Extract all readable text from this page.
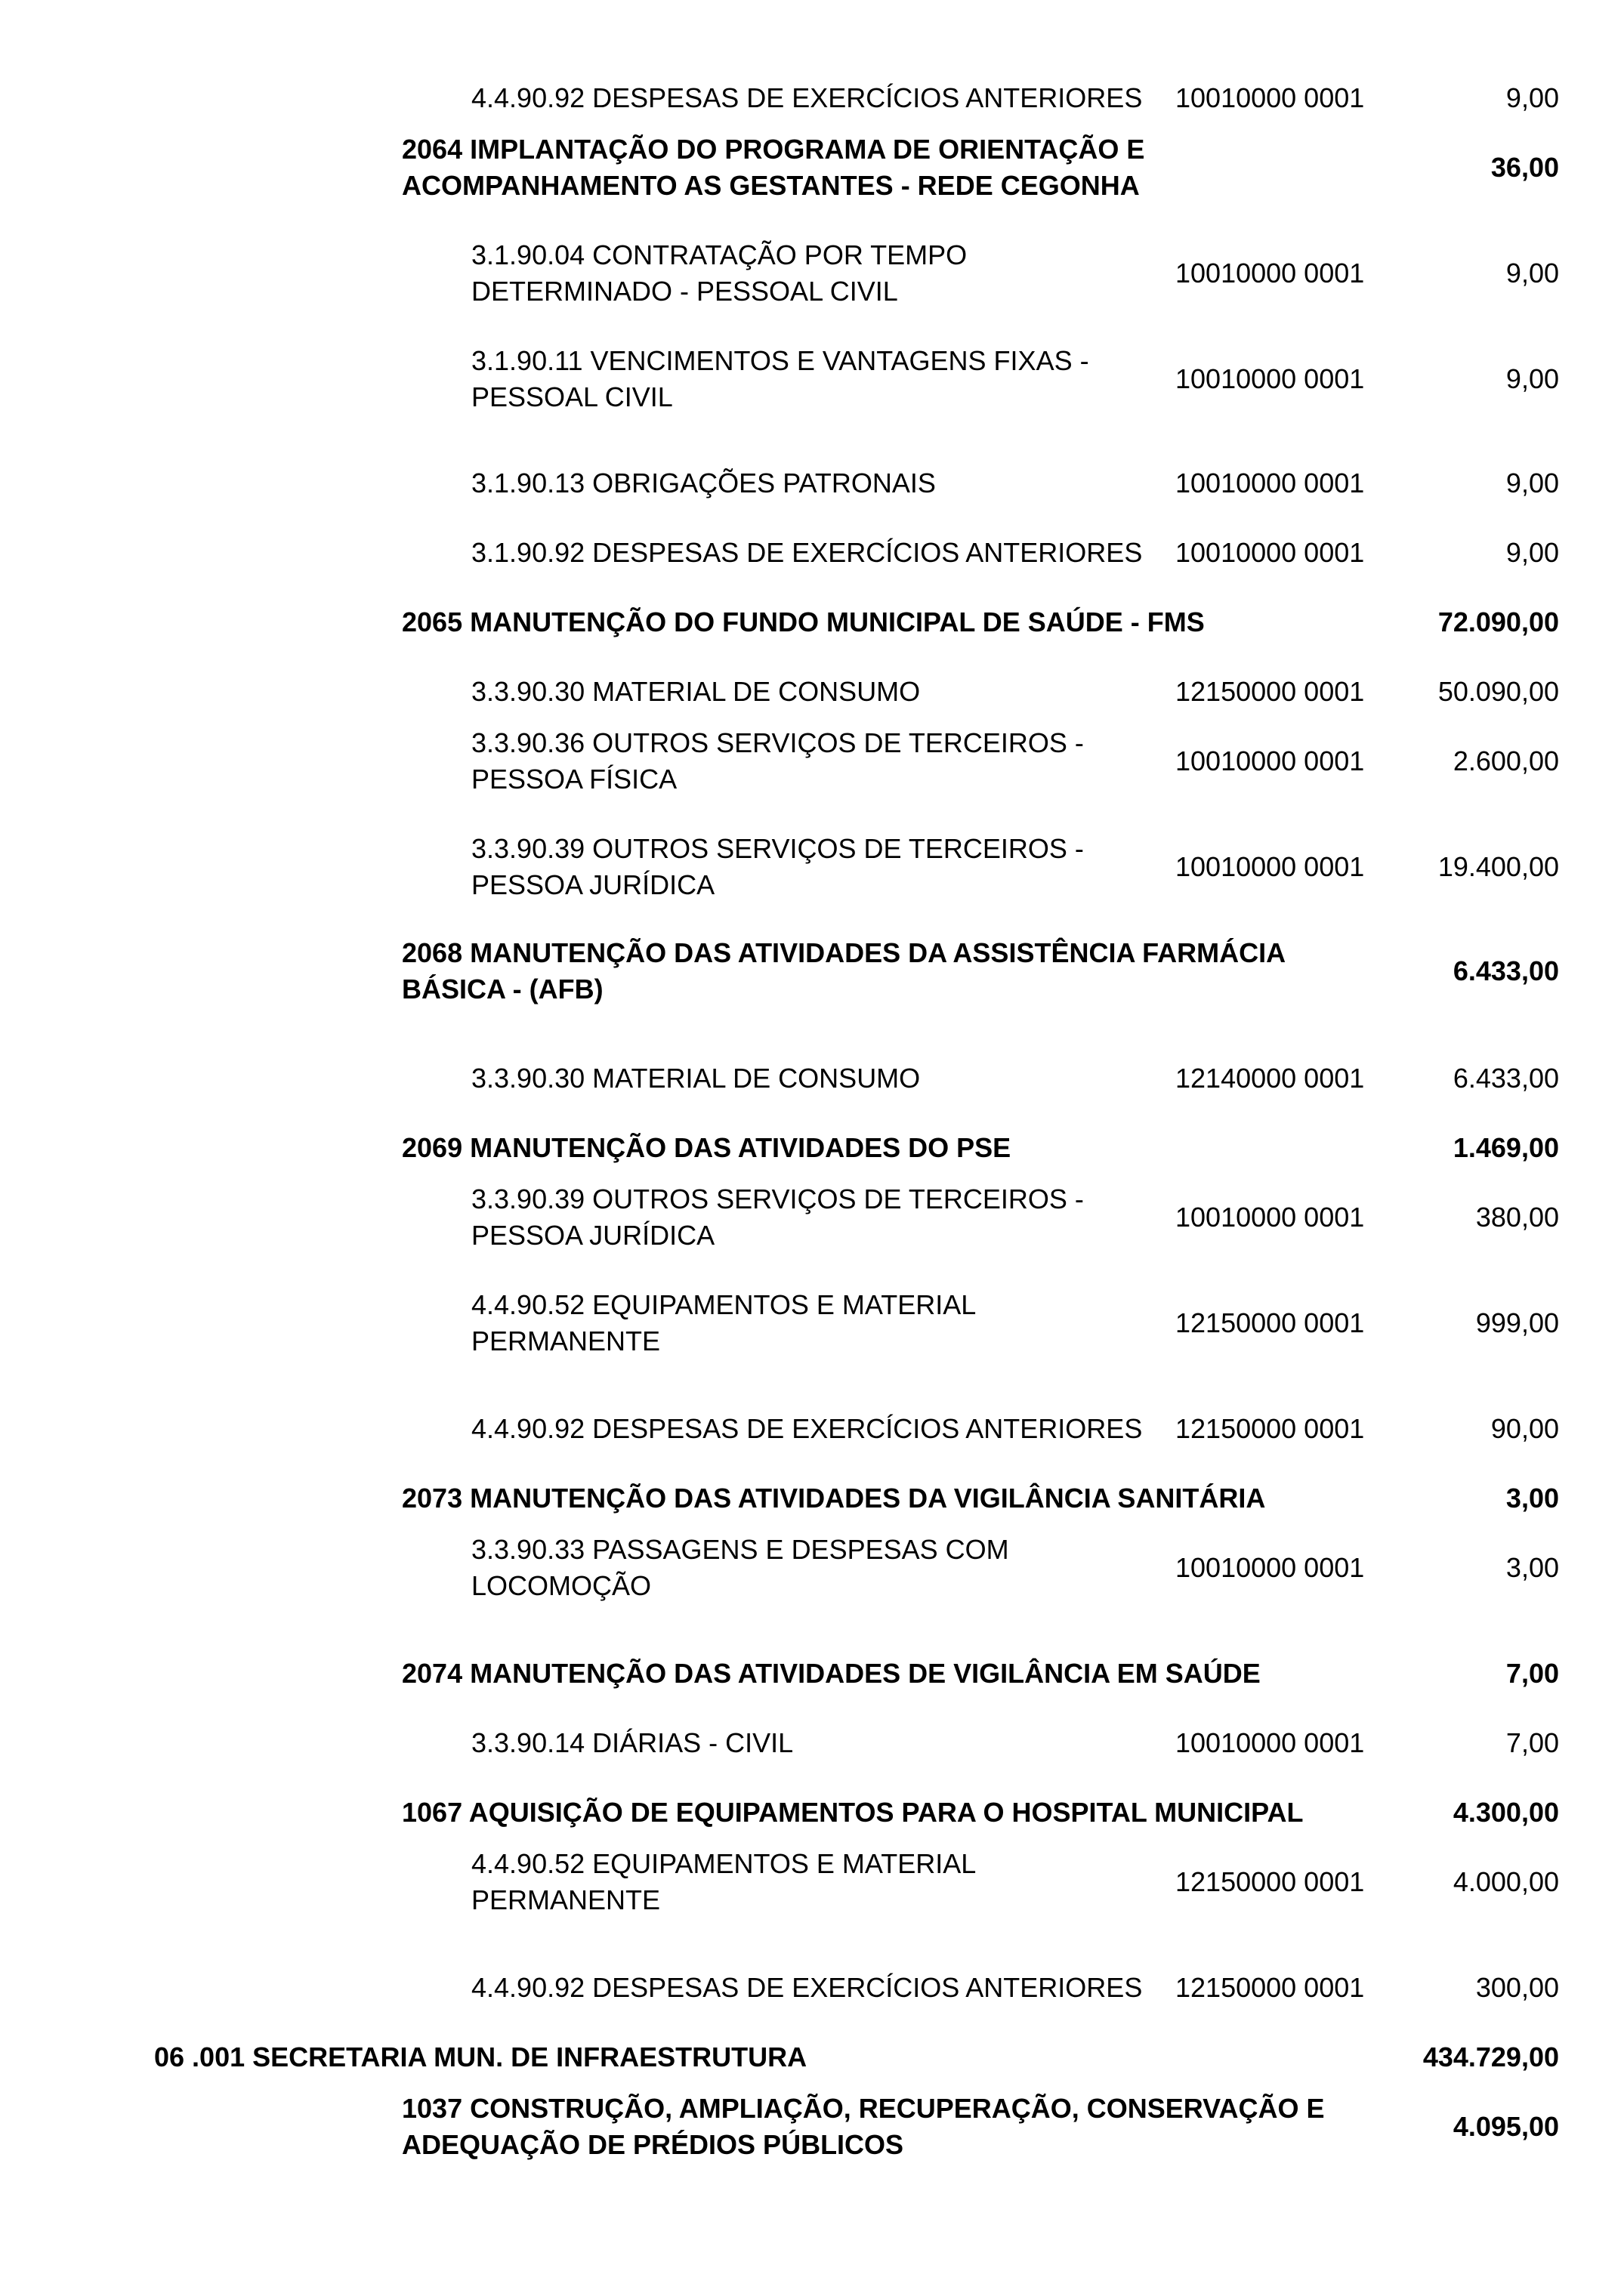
4.4.90.92 DESPESAS DE EXERCÍCIOS ANTERIORES	10010000 0001	9,00
2064 IMPLANTAÇÃO DO PROGRAMA DE ORIENTAÇÃO E
ACOMPANHAMENTO AS GESTANTES - REDE CEGONHA
36,00
3.1.90.04 CONTRATAÇÃO POR TEMPO
DETERMINADO - PESSOAL CIVIL
10010000 0001	9,00
3.1.90.11 VENCIMENTOS E VANTAGENS FIXAS -
PESSOAL CIVIL
10010000 0001	9,00
3.1.90.13 OBRIGAÇÕES PATRONAIS	10010000 0001	9,00
3.1.90.92 DESPESAS DE EXERCÍCIOS ANTERIORES	10010000 0001	9,00
2065 MANUTENÇÃO DO FUNDO MUNICIPAL DE SAÚDE - FMS	72.090,00
3.3.90.30 MATERIAL DE CONSUMO	12150000 0001	50.090,00
3.3.90.36 OUTROS SERVIÇOS DE TERCEIROS -
PESSOA FÍSICA
10010000 0001	2.600,00
3.3.90.39 OUTROS SERVIÇOS DE TERCEIROS -
PESSOA JURÍDICA
10010000 0001	19.400,00
2068 MANUTENÇÃO DAS ATIVIDADES DA ASSISTÊNCIA FARMÁCIA
BÁSICA - (AFB)
6.433,00
3.3.90.30 MATERIAL DE CONSUMO	12140000 0001	6.433,00
2069 MANUTENÇÃO DAS ATIVIDADES DO PSE	1.469,00
3.3.90.39 OUTROS SERVIÇOS DE TERCEIROS -
PESSOA JURÍDICA
10010000 0001	380,00
4.4.90.52 EQUIPAMENTOS E MATERIAL
PERMANENTE
12150000 0001	999,00
4.4.90.92 DESPESAS DE EXERCÍCIOS ANTERIORES	12150000 0001	90,00
2073 MANUTENÇÃO DAS ATIVIDADES DA VIGILÂNCIA SANITÁRIA	3,00
3.3.90.33 PASSAGENS E DESPESAS COM
LOCOMOÇÃO
10010000 0001	3,00
2074 MANUTENÇÃO DAS ATIVIDADES DE VIGILÂNCIA EM SAÚDE	7,00
3.3.90.14 DIÁRIAS - CIVIL	10010000 0001	7,00
1067 AQUISIÇÃO DE EQUIPAMENTOS PARA O HOSPITAL MUNICIPAL	4.300,00
4.4.90.52 EQUIPAMENTOS E MATERIAL
PERMANENTE
12150000 0001	4.000,00
4.4.90.92 DESPESAS DE EXERCÍCIOS ANTERIORES	12150000 0001	300,00
06 .001 SECRETARIA MUN. DE INFRAESTRUTURA	434.729,00
1037 CONSTRUÇÃO, AMPLIAÇÃO, RECUPERAÇÃO, CONSERVAÇÃO E
ADEQUAÇÃO DE PRÉDIOS PÚBLICOS
4.095,00
